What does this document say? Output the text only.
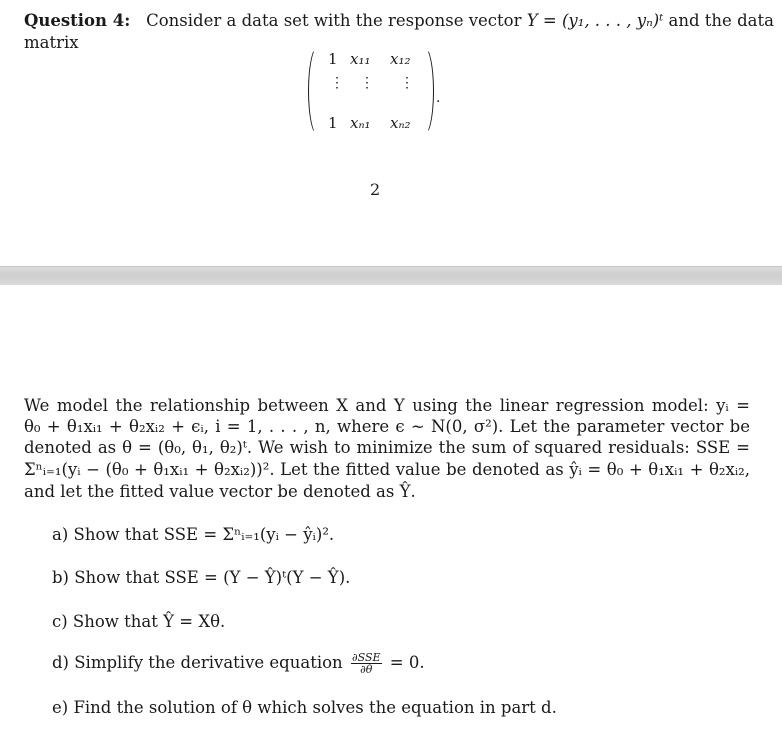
Question 4: Consider a data set with the response vector Y = (y₁, . . . , yₙ)ᵗ and the data
matrix
1 x₁₁ x₁₂
⋮ ⋮ ⋮
1 xₙ₁ xₙ₂
.
2
We model the relationship between X and Y using the linear regression model: yᵢ =
θ₀ + θ₁xᵢ₁ + θ₂xᵢ₂ + ϵᵢ, i = 1, . . . , n, where ϵ ~ N(0, σ²). Let the parameter vector be
denoted as θ = (θ₀, θ₁, θ₂)ᵗ. We wish to minimize the sum of squared residuals: SSE =
Σⁿᵢ₌₁(yᵢ − (θ₀ + θ₁xᵢ₁ + θ₂xᵢ₂))². Let the fitted value be denoted as ŷᵢ = θ₀ + θ₁xᵢ₁ + θ₂xᵢ₂,
and let the fitted value vector be denoted as Ŷ.
a) Show that SSE = Σⁿᵢ₌₁(yᵢ − ŷᵢ)².
b) Show that SSE = (Y − Ŷ)ᵗ(Y − Ŷ).
c) Show that Ŷ = Xθ.
d) Simplify the derivative equation $\frac{\text{∂SSE}}{\partial\theta} = 0$.
e) Find the solution of θ which solves the equation in part d.
